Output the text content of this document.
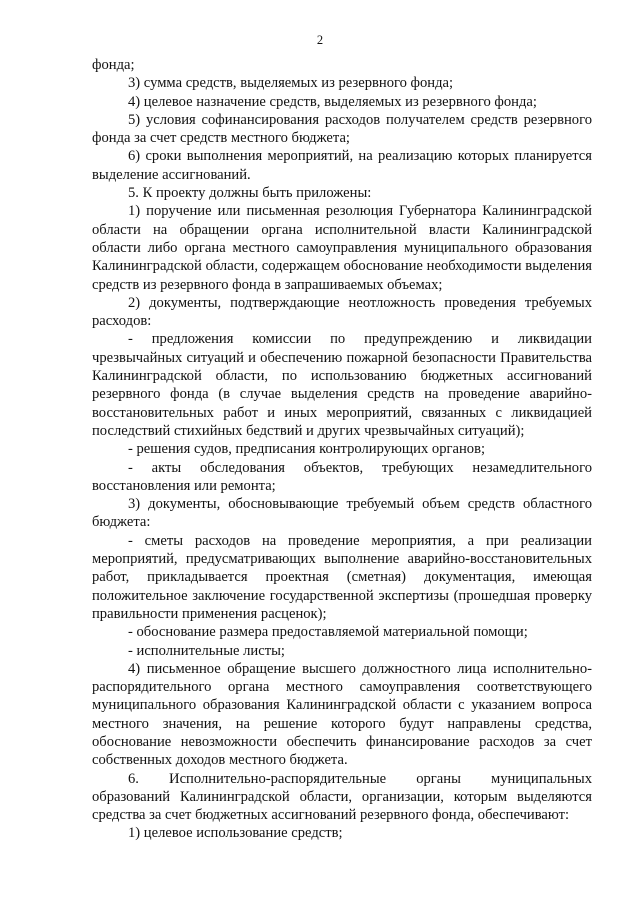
2

фонда;

3) сумма средств, выделяемых из резервного фонда;

4) целевое назначение средств, выделяемых из резервного фонда;

5) условия софинансирования расходов получателем средств резервного фонда за счет средств местного бюджета;

6) сроки выполнения мероприятий, на реализацию которых планируется выделение ассигнований.

5. К проекту должны быть приложены:

1) поручение или письменная резолюция Губернатора Калининградской области на обращении органа исполнительной власти Калининградской области либо органа местного самоуправления муниципального образования Калининградской области, содержащем обоснование необходимости выделения средств из резервного фонда в запрашиваемых объемах;

2) документы, подтверждающие неотложность проведения требуемых расходов:

- предложения комиссии по предупреждению и ликвидации чрезвычайных ситуаций и обеспечению пожарной безопасности Правительства Калининградской области, по использованию бюджетных ассигнований резервного фонда (в случае выделения средств на проведение аварийно-восстановительных работ и иных мероприятий, связанных с ликвидацией последствий стихийных бедствий и других чрезвычайных ситуаций);

- решения судов, предписания контролирующих органов;

- акты обследования объектов, требующих незамедлительного восстановления или ремонта;

3) документы, обосновывающие требуемый объем средств областного бюджета:

- сметы расходов на проведение мероприятия, а при реализации мероприятий, предусматривающих выполнение аварийно-восстановительных работ, прикладывается проектная (сметная) документация, имеющая положительное заключение государственной экспертизы (прошедшая проверку правильности применения расценок);

- обоснование размера предоставляемой материальной помощи;

- исполнительные листы;

4) письменное обращение высшего должностного лица исполнительно-распорядительного органа местного самоуправления соответствующего муниципального образования Калининградской области с указанием вопроса местного значения, на решение которого будут направлены средства, обоснование невозможности обеспечить финансирование расходов за счет собственных доходов местного бюджета.

6. Исполнительно-распорядительные органы муниципальных образований Калининградской области, организации, которым выделяются средства за счет бюджетных ассигнований резервного фонда, обеспечивают:

1) целевое использование средств;
